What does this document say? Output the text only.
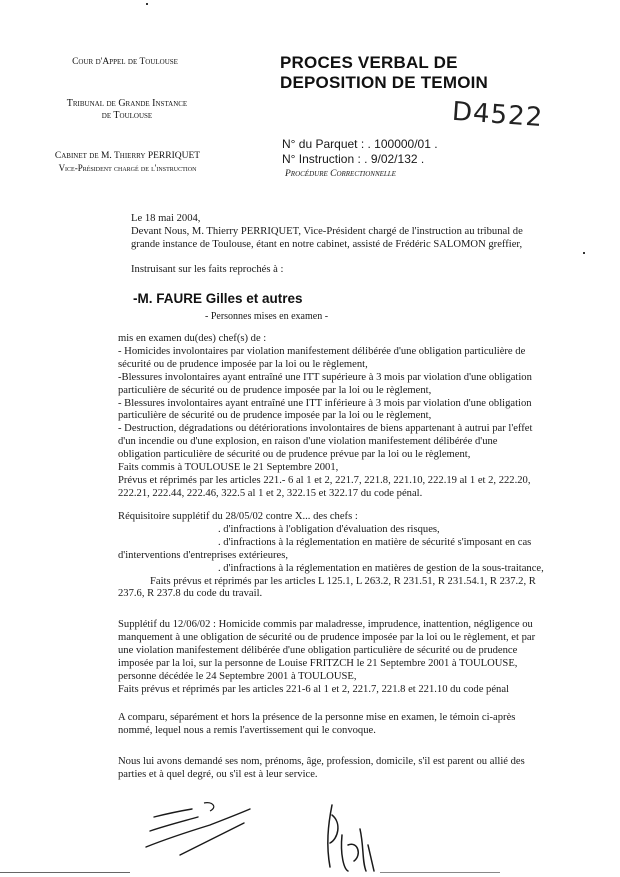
Cour d'Appel de Toulouse
Tribunal de Grande Instance
de Toulouse
Cabinet de M. Thierry PERRIQUET
Vice-Président chargé de l'instruction
PROCES VERBAL DE
DEPOSITION DE TEMOIN
D4522
N° du Parquet : . 100000/01 .
N° Instruction : . 9/02/132 .
Procédure Correctionnelle
Le 18 mai 2004,
Devant Nous, M. Thierry PERRIQUET, Vice-Président chargé de l'instruction au tribunal de
grande instance de Toulouse, étant en notre cabinet, assisté de Frédéric SALOMON greffier,
Instruisant sur les faits reprochés à :
-M. FAURE Gilles et autres
- Personnes mises en examen -
mis en examen du(des) chef(s) de :
- Homicides involontaires par violation manifestement délibérée d'une obligation particulière de
sécurité ou de prudence imposée par la loi ou le règlement,
-Blessures involontaires ayant entraîné une ITT supérieure à 3 mois par violation d'une obligation
particulière de sécurité ou de prudence imposée par la loi ou le règlement,
- Blessures involontaires ayant entraîné une ITT inférieure à 3 mois par violation d'une obligation
particulière de sécurité ou de prudence imposée par la loi ou le règlement,
- Destruction, dégradations ou détériorations involontaires de biens appartenant à autrui par l'effet
d'un incendie ou d'une explosion, en raison d'une violation manifestement délibérée d'une
obligation particulière de sécurité ou de prudence prévue par la loi ou le règlement,
Faits commis à TOULOUSE le 21 Septembre 2001,
Prévus et réprimés par les articles 221.- 6 al 1 et 2, 221.7, 221.8, 221.10, 222.19 al 1 et 2, 222.20,
222.21, 222.44, 222.46, 322.5 al 1 et 2, 322.15 et 322.17 du code pénal.
Réquisitoire supplétif du 28/05/02 contre X... des chefs :
. d'infractions à l'obligation d'évaluation des risques,
. d'infractions à la réglementation en matière de sécurité s'imposant en cas
d'interventions d'entreprises extérieures,
. d'infractions à la réglementation en matières de gestion de la sous-traitance,
Faits prévus et réprimés par les articles L 125.1, L 263.2, R 231.51, R 231.54.1, R 237.2, R
237.6, R 237.8 du code du travail.
Supplétif du 12/06/02 : Homicide commis par maladresse, imprudence, inattention, négligence ou
manquement à une obligation de sécurité ou de prudence imposée par la loi ou le règlement, et par
une violation manifestement délibérée d'une obligation particulière de sécurité ou de prudence
imposée par la loi, sur la personne de Louise FRITZCH le 21 Septembre 2001 à TOULOUSE,
personne décédée le 24 Septembre 2001 à TOULOUSE,
Faits prévus et réprimés par les articles 221-6 al 1 et 2, 221.7, 221.8 et 221.10 du code pénal
A comparu, séparément et hors la présence de la personne mise en examen, le témoin ci-après
nommé, lequel nous a remis l'avertissement qui le convoque.
Nous lui avons demandé ses nom, prénoms, âge, profession, domicile, s'il est parent ou allié des
parties et à quel degré, ou s'il est à leur service.
